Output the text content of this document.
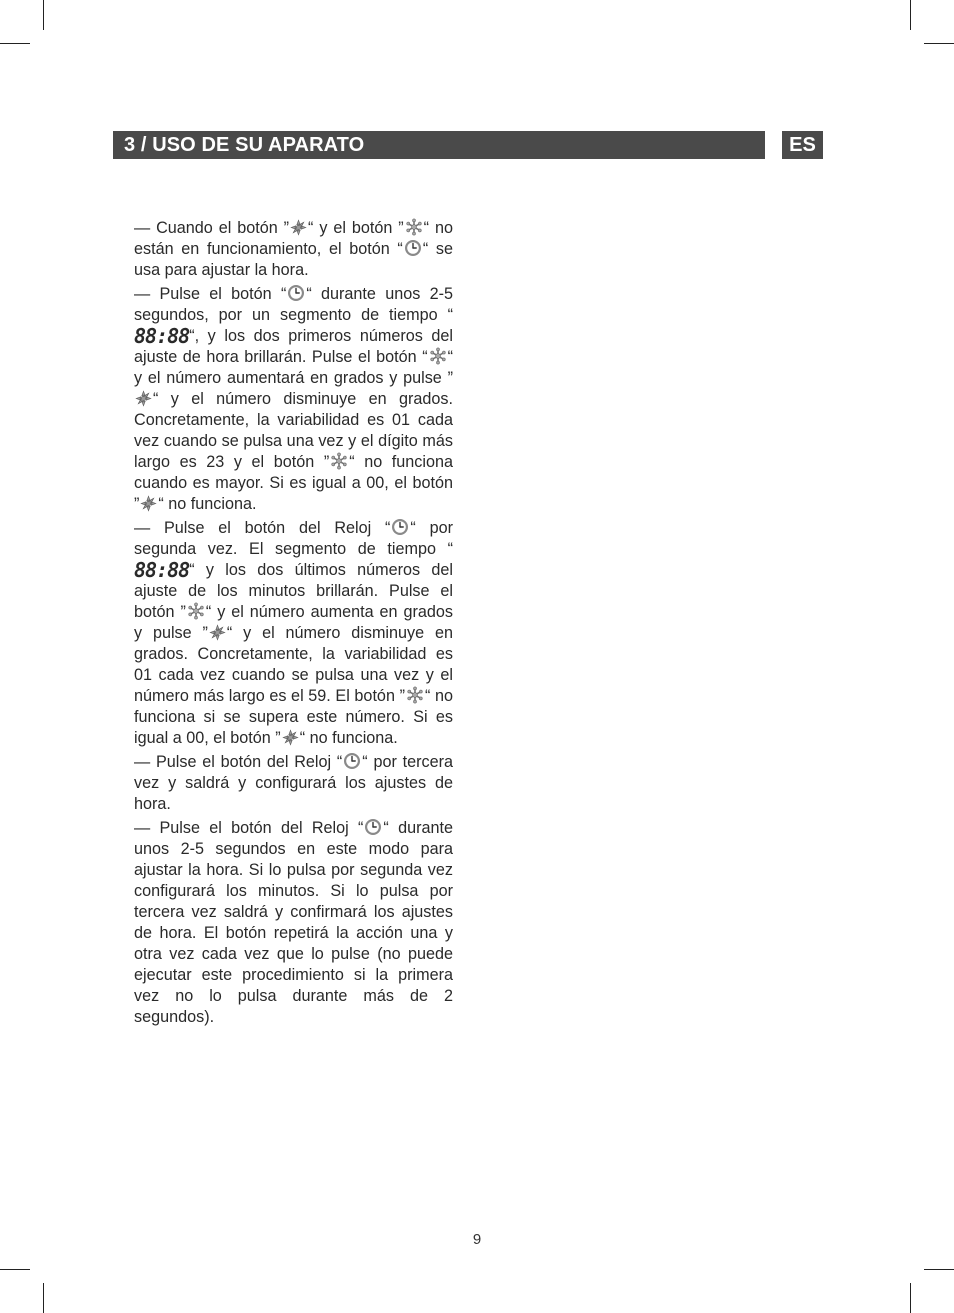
3 / USO DE SU APARATO	ES

— Cuando el botón ” “ y el botón ” “ no están en funcionamiento, el botón “ “ se usa para ajustar la hora.

— Pulse el botón “ “ durante unos 2-5 segundos, por un segmento de tiempo “88:88“, y los dos primeros números del ajuste de hora brillarán. Pulse el botón “ “ y el número aumentará en grados y pulse ”
“ y el número disminuye en grados. Concretamente, la variabilidad es 01 cada vez cuando se pulsa una vez y el dígito más largo es 23 y el botón ” “ no funciona cuando es mayor. Si es igual a 00, el botón ” “ no funciona.

— Pulse el botón del Reloj “ “ por segunda vez. El segmento de tiempo “88:88“ y los dos últimos números del ajuste de los minutos brillarán. Pulse el botón ” “ y el número aumenta en grados y pulse ” “ y el número disminuye en grados. Concretamente, la variabilidad es 01 cada vez cuando se pulsa una vez y el número más largo es el 59. El botón ” “ no funciona si se supera este número. Si es igual a 00, el botón ” “ no funciona.

— Pulse el botón del Reloj “ “ por tercera vez y saldrá y configurará los ajustes de hora.

— Pulse el botón del Reloj “ “ durante unos 2-5 segundos en este modo para ajustar la hora. Si lo pulsa por segunda vez configurará los minutos. Si lo pulsa por tercera vez saldrá y confirmará los ajustes de hora. El botón repetirá la acción una y otra vez cada vez que lo pulse (no puede ejecutar este procedimiento si la primera vez no lo pulsa durante más de 2 segundos).

9
